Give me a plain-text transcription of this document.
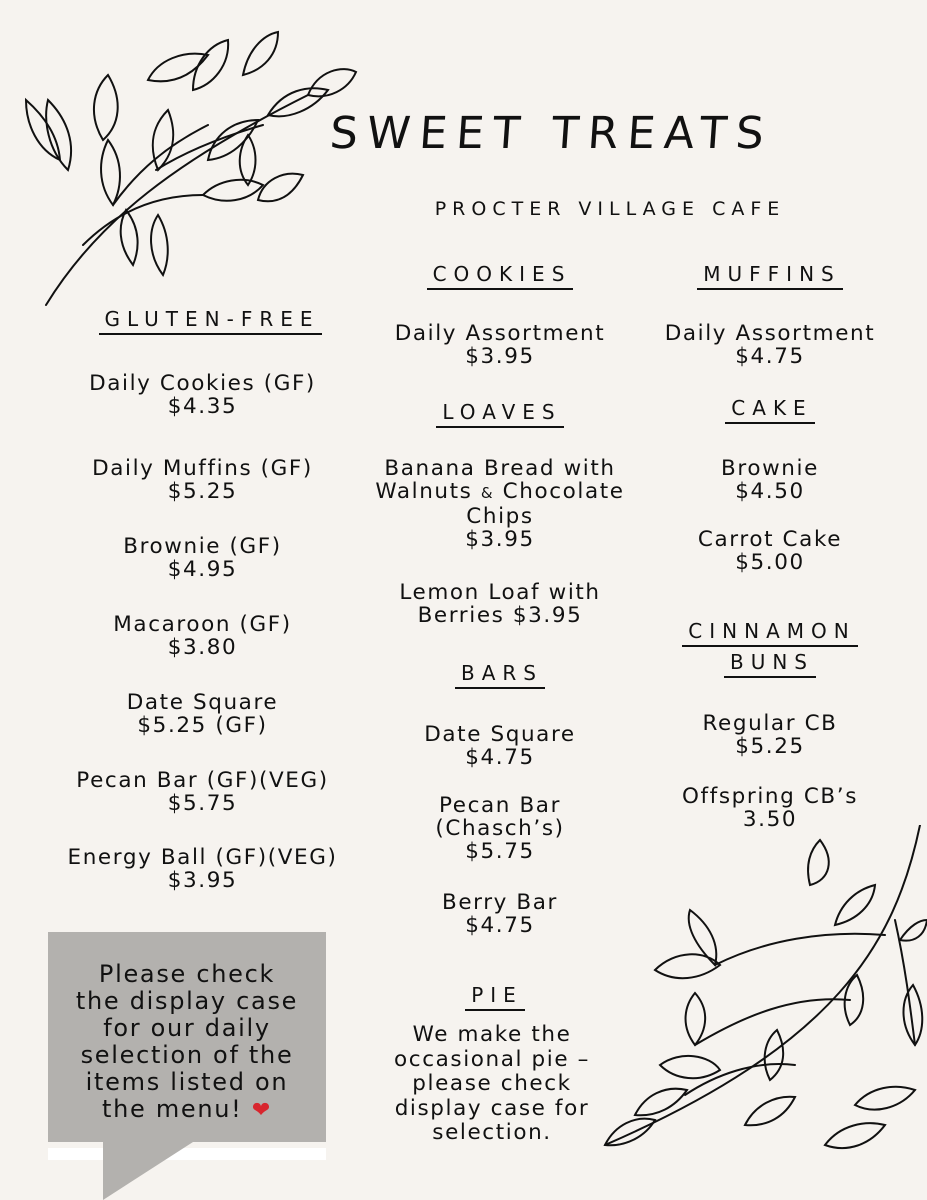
SWEET TREATS
PROCTER VILLAGE CAFE
GLUTEN-FREE
Daily Cookies (GF)
$4.35
Daily Muffins (GF)
$5.25
Brownie (GF)
$4.95
Macaroon (GF)
$3.80
Date Square
$5.25 (GF)
Pecan Bar (GF)(VEG)
$5.75
Energy Ball (GF)(VEG)
$3.95
COOKIES
Daily Assortment
$3.95
LOAVES
Banana Bread with
Walnuts & Chocolate
Chips
$3.95
Lemon Loaf with
Berries $3.95
BARS
Date Square
$4.75
Pecan Bar
(Chasch’s)
$5.75
Berry Bar
$4.75
PIE
We make the
occasional pie –
please check
display case for
selection.
MUFFINS
Daily Assortment
$4.75
CAKE
Brownie
$4.50
Carrot Cake
$5.00
CINNAMON
BUNS
Regular CB
$5.25
Offspring CB’s
3.50
Please check
the display case
for our daily
selection of the
items listed on
the menu! ❤
